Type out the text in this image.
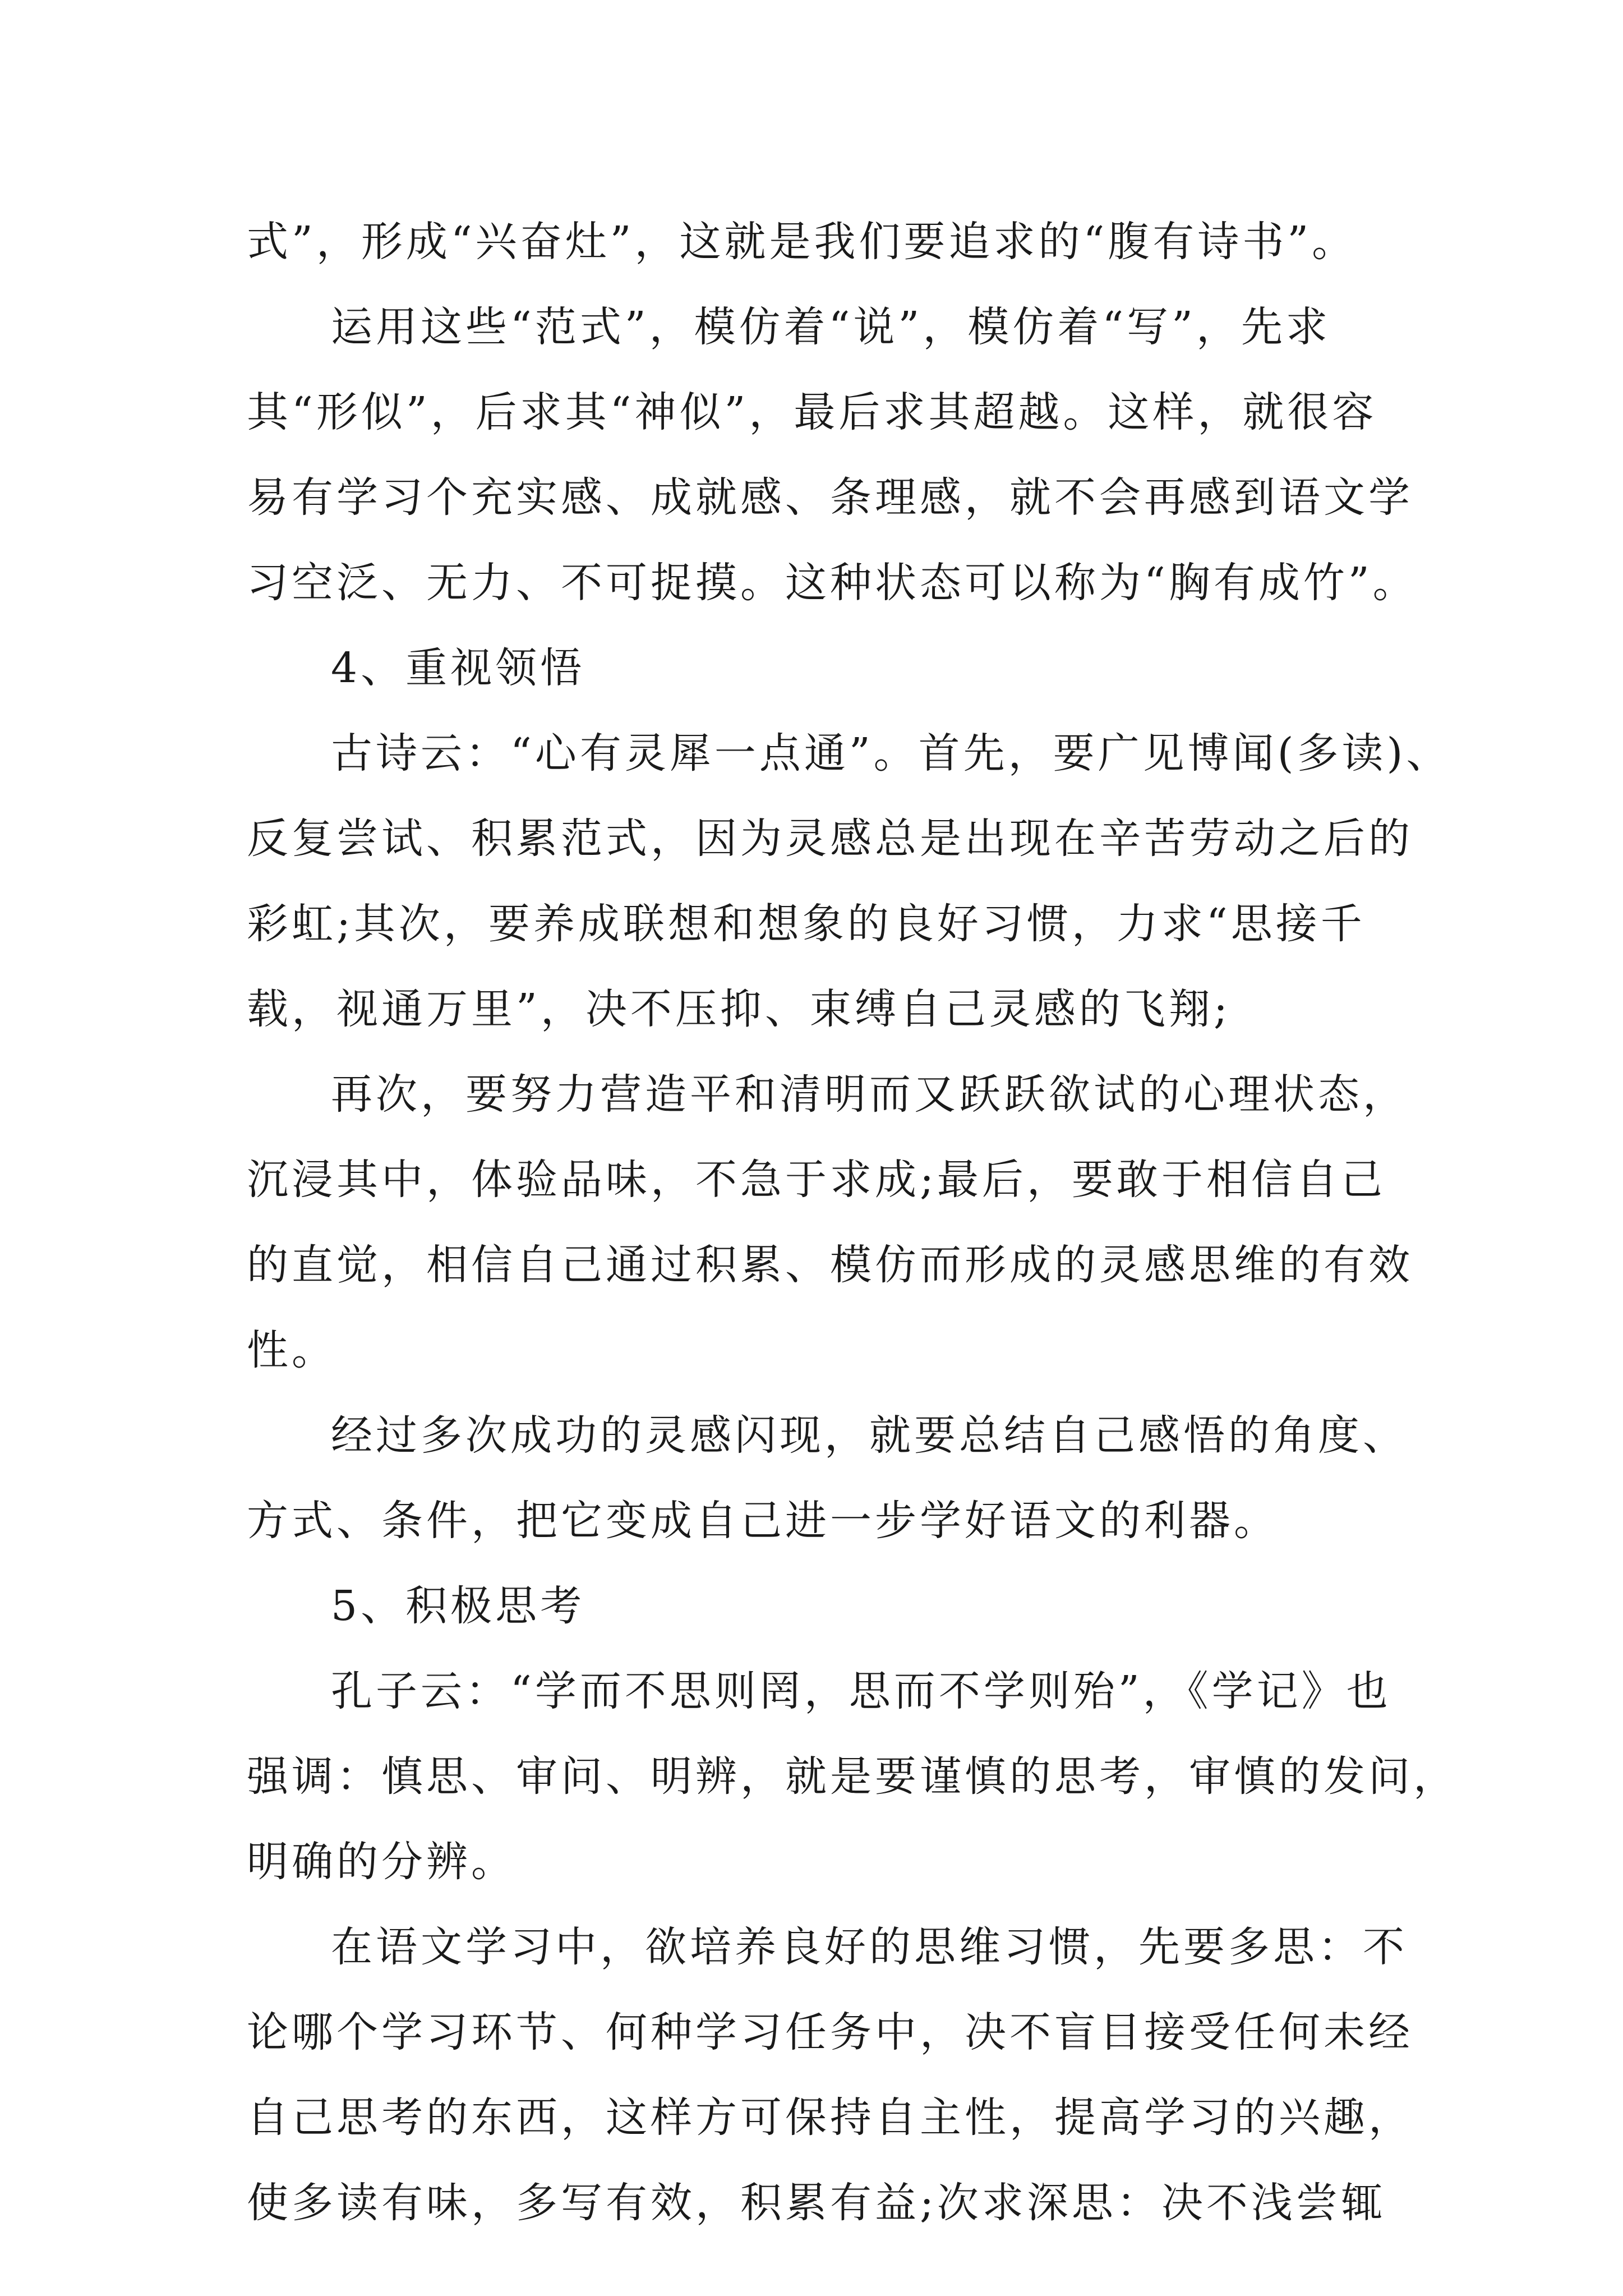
式”，形成“兴奋灶”，这就是我们要追求的“腹有诗书”。
运用这些“范式”，模仿着“说”，模仿着“写”，先求
其“形似”，后求其“神似”，最后求其超越。这样，就很容
易有学习个充实感、成就感、条理感，就不会再感到语文学
习空泛、无力、不可捉摸。这种状态可以称为“胸有成竹”。
4、重视领悟
古诗云：“心有灵犀一点通”。首先，要广见博闻(多读)、
反复尝试、积累范式，因为灵感总是出现在辛苦劳动之后的
彩虹;其次，要养成联想和想象的良好习惯，力求“思接千
载，视通万里”，决不压抑、束缚自己灵感的飞翔;
再次，要努力营造平和清明而又跃跃欲试的心理状态，
沉浸其中，体验品味，不急于求成;最后，要敢于相信自己
的直觉，相信自己通过积累、模仿而形成的灵感思维的有效
性。
经过多次成功的灵感闪现，就要总结自己感悟的角度、
方式、条件，把它变成自己进一步学好语文的利器。
5、积极思考
孔子云：“学而不思则罔，思而不学则殆”，《学记》也
强调：慎思、审问、明辨，就是要谨慎的思考，审慎的发问，
明确的分辨。
在语文学习中，欲培养良好的思维习惯，先要多思：不
论哪个学习环节、何种学习任务中，决不盲目接受任何未经
自己思考的东西，这样方可保持自主性，提高学习的兴趣，
使多读有味，多写有效，积累有益;次求深思：决不浅尝辄
